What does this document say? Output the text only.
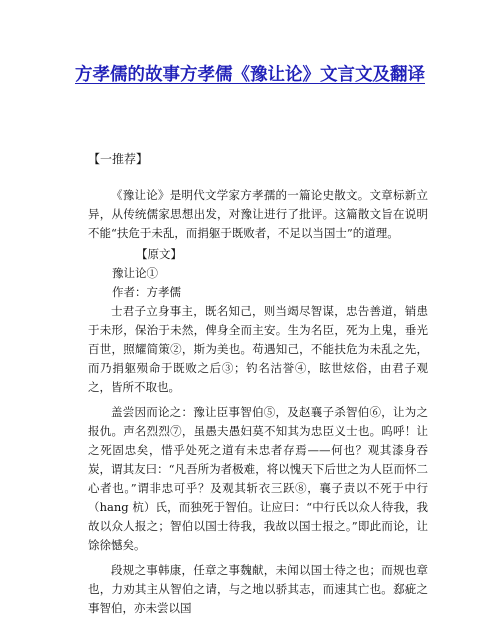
方孝儒的故事方孝儒《豫让论》文言文及翻译
【一推荐】

《豫让论》是明代文学家方孝孺的一篇论史散文。文章标新立异，从传统儒家思想出发，对豫让进行了批评。这篇散文旨在说明不能“扶危于未乱，而捐躯于既败者，不足以当国士”的道理。

【原文】

豫让论①

作者：方孝儒

士君子立身事主，既名知己，则当竭尽智谋，忠告善道，销患于未形，保治于未然，俾身全而主安。生为名臣，死为上鬼，垂光百世，照耀简策②，斯为美也。苟遇知己，不能扶危为未乱之先，而乃捐躯殒命于既败之后③；钓名沽誉④，眩世炫俗，由君子观之，皆所不取也。

盖尝因而论之：豫让臣事智伯⑤，及赵襄子杀智伯⑥，让为之报仇。声名烈烈⑦，虽愚夫愚妇莫不知其为忠臣义士也。呜呼！让之死固忠矣，惜乎处死之道有未忠者存焉——何也？观其漆身吞炭，谓其友曰：“凡吾所为者极难，将以愧天下后世之为人臣而怀二心者也。”谓非忠可乎？及观其斩衣三跃⑧，襄子责以不死于中行（hang 杭）氏，而独死于智伯。让应曰：“中行氏以众人待我，我故以众人报之；智伯以国士待我，我故以国士报之。”即此而论，让馀徐憾矣。

段规之事韩康，任章之事魏献，未闻以国士待之也；而规也章也，力劝其主从智伯之请，与之地以骄其志，而速其亡也。郄疵之事智伯，亦未尝以国
